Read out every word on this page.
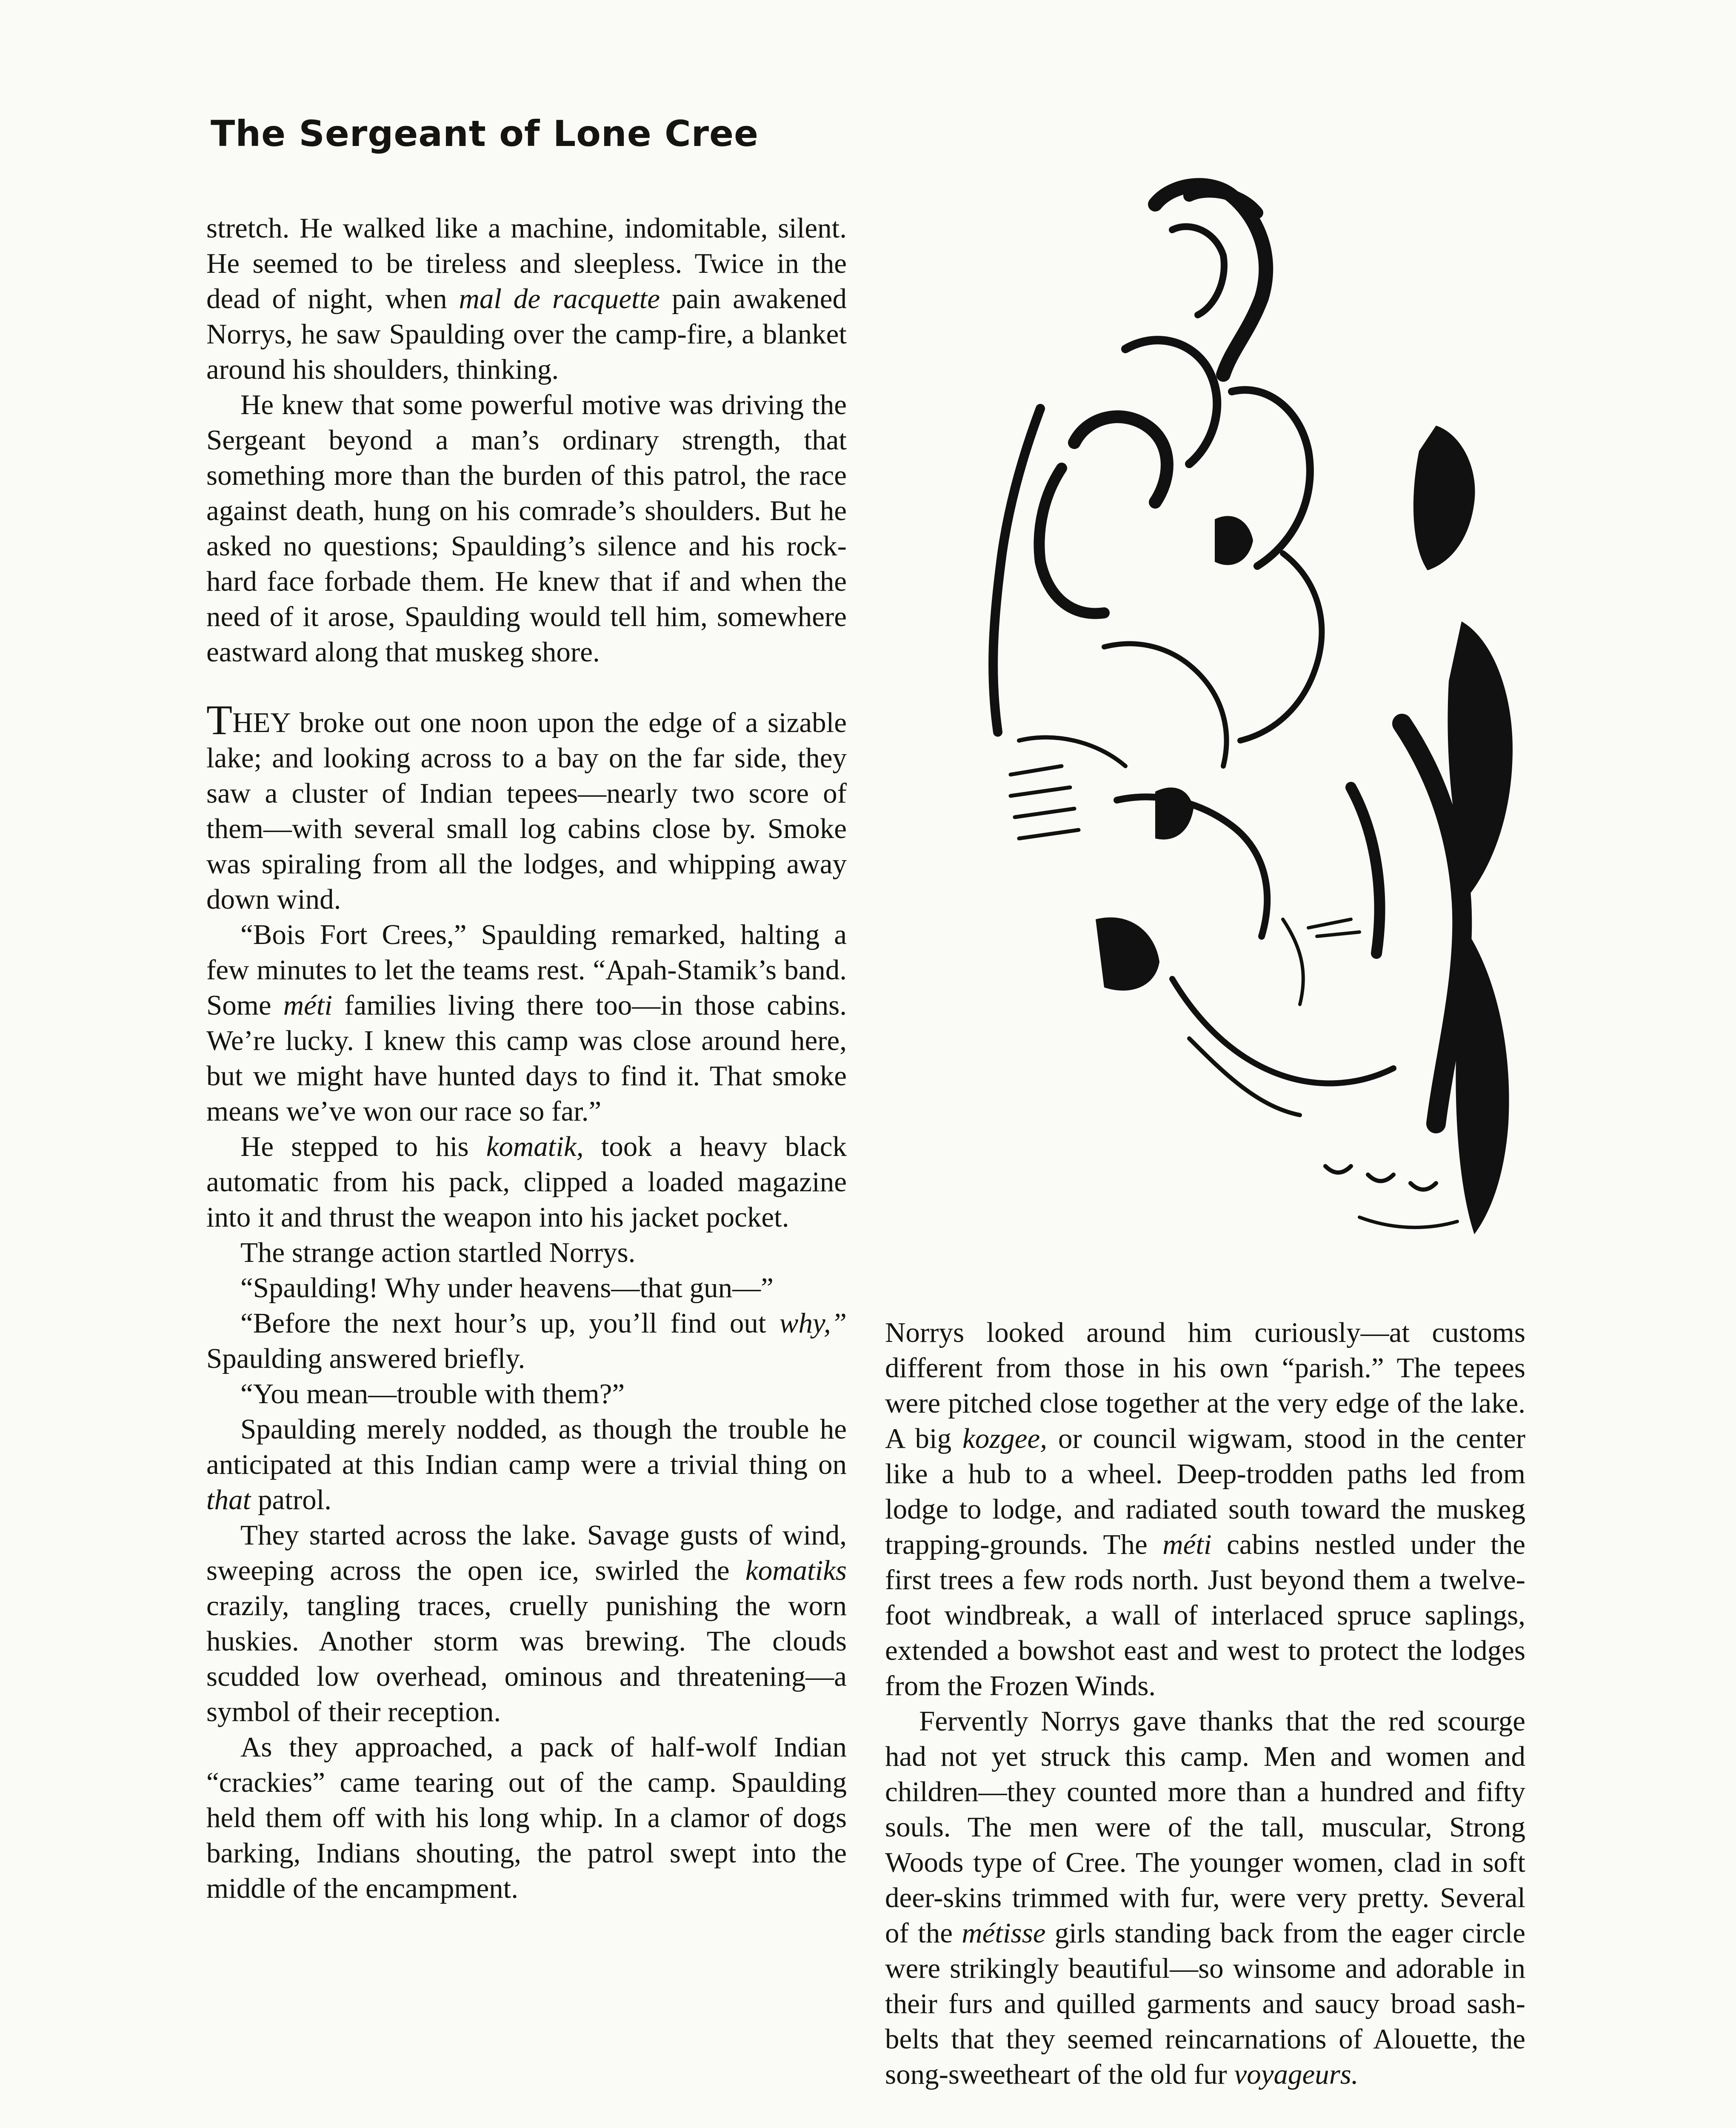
The Sergeant of Lone Cree

stretch. He walked like a machine, indomitable, silent. He seemed to be tireless and sleepless. Twice in the dead of night, when mal de racquette pain awakened Norrys, he saw Spaulding over the camp-fire, a blanket around his shoulders, thinking.

He knew that some powerful motive was driving the Sergeant beyond a man’s ordinary strength, that something more than the burden of this patrol, the race against death, hung on his comrade’s shoulders. But he asked no questions; Spaulding’s silence and his rock-hard face forbade them. He knew that if and when the need of it arose, Spaulding would tell him, somewhere eastward along that muskeg shore.

THEY broke out one noon upon the edge of a sizable lake; and looking across to a bay on the far side, they saw a cluster of Indian tepees—nearly two score of them—with several small log cabins close by. Smoke was spiraling from all the lodges, and whipping away down wind.

“Bois Fort Crees,” Spaulding remarked, halting a few minutes to let the teams rest. “Apah-Stamik’s band. Some méti families living there too—in those cabins. We’re lucky. I knew this camp was close around here, but we might have hunted days to find it. That smoke means we’ve won our race so far.”

He stepped to his komatik, took a heavy black automatic from his pack, clipped a loaded magazine into it and thrust the weapon into his jacket pocket.

The strange action startled Norrys.

“Spaulding! Why under heavens—that gun—”

“Before the next hour’s up, you’ll find out why,” Spaulding answered briefly.

“You mean—trouble with them?”

Spaulding merely nodded, as though the trouble he anticipated at this Indian camp were a trivial thing on that patrol.

They started across the lake. Savage gusts of wind, sweeping across the open ice, swirled the komatiks crazily, tangling traces, cruelly punishing the worn huskies. Another storm was brewing. The clouds scudded low overhead, ominous and threatening—a symbol of their reception.

As they approached, a pack of half-wolf Indian “crackies” came tearing out of the camp. Spaulding held them off with his long whip. In a clamor of dogs barking, Indians shouting, the patrol swept into the middle of the encampment.

Norrys looked around him curiously—at customs different from those in his own “parish.” The tepees were pitched close together at the very edge of the lake. A big kozgee, or council wigwam, stood in the center like a hub to a wheel. Deep-trodden paths led from lodge to lodge, and radiated south toward the muskeg trapping-grounds. The méti cabins nestled under the first trees a few rods north. Just beyond them a twelve-foot windbreak, a wall of interlaced spruce saplings, extended a bowshot east and west to protect the lodges from the Frozen Winds.

Fervently Norrys gave thanks that the red scourge had not yet struck this camp. Men and women and children—they counted more than a hundred and fifty souls. The men were of the tall, muscular, Strong Woods type of Cree. The younger women, clad in soft deer-skins trimmed with fur, were very pretty. Several of the métisse girls standing back from the eager circle were strikingly beautiful—so winsome and adorable in their furs and quilled garments and saucy broad sash-belts that they seemed reincarnations of Alouette, the song-sweetheart of the old fur voyageurs.
